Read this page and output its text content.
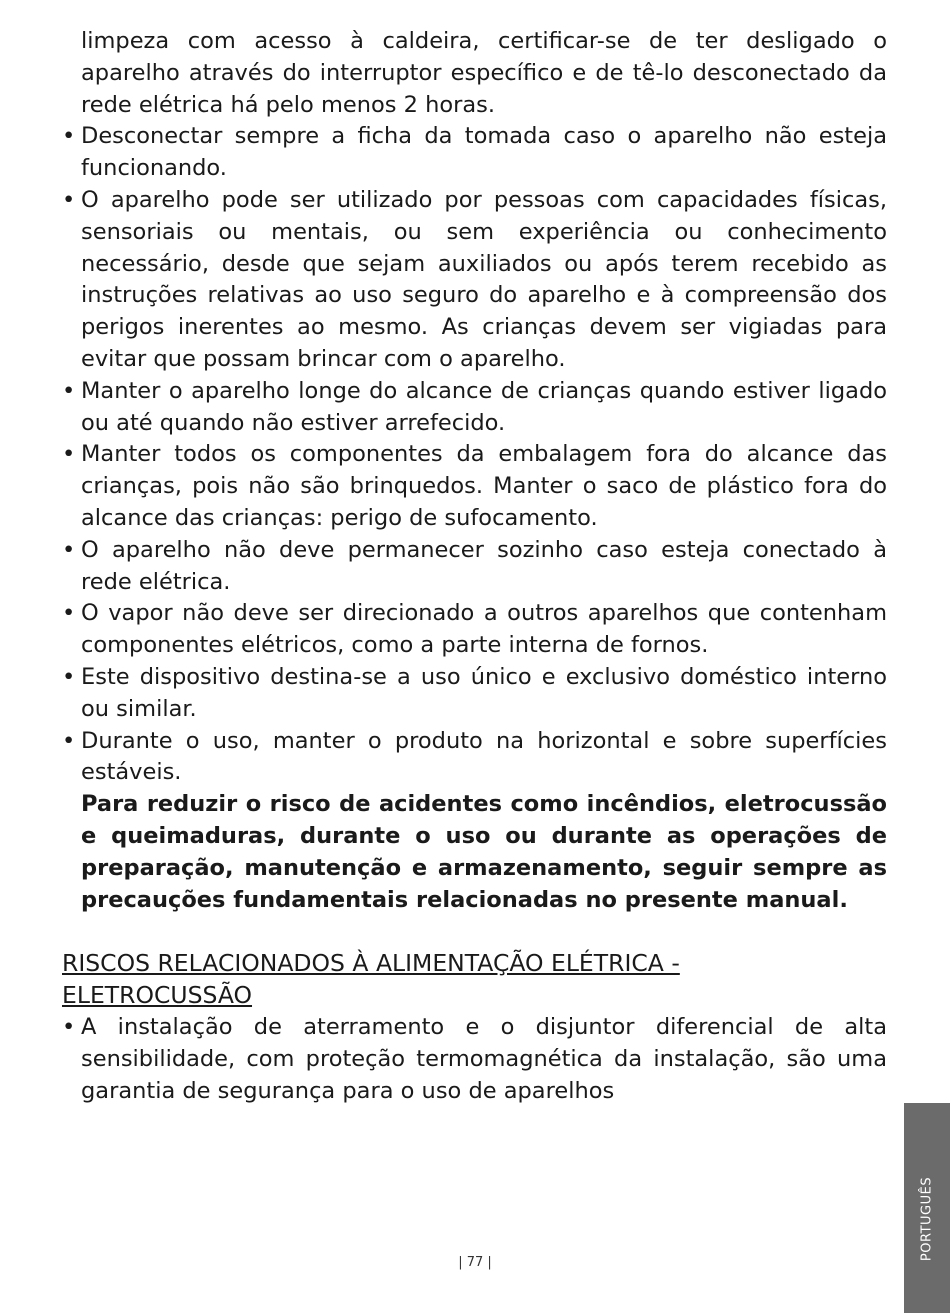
limpeza com acesso à caldeira, certificar-se de ter desligado o aparelho através do interruptor específico e de tê-lo desconectado da rede elétrica há pelo menos 2 horas.
• Desconectar sempre a ficha da tomada caso o aparelho não esteja funcionando.
• O aparelho pode ser utilizado por pessoas com capacidades físicas, sensoriais ou mentais, ou sem experiência ou conhecimento necessário, desde que sejam auxiliados ou após terem recebido as instruções relativas ao uso seguro do aparelho e à compreensão dos perigos inerentes ao mesmo. As crianças devem ser vigiadas para evitar que possam brincar com o aparelho.
• Manter o aparelho longe do alcance de crianças quando estiver ligado ou até quando não estiver arrefecido.
• Manter todos os componentes da embalagem fora do alcance das crianças, pois não são brinquedos. Manter o saco de plástico fora do alcance das crianças: perigo de sufocamento.
• O aparelho não deve permanecer sozinho caso esteja conectado à rede elétrica.
• O vapor não deve ser direcionado a outros aparelhos que contenham componentes elétricos, como a parte interna de fornos.
• Este dispositivo destina-se a uso único e exclusivo doméstico interno ou similar.
• Durante o uso, manter o produto na horizontal e sobre superfícies estáveis.
Para reduzir o risco de acidentes como incêndios, eletrocussão e queimaduras, durante o uso ou durante as operações de preparação, manutenção e armazenamento, seguir sempre as precauções fundamentais relacionadas no presente manual.
RISCOS RELACIONADOS À ALIMENTAÇÃO ELÉTRICA - ELETROCUSSÃO
• A instalação de aterramento e o disjuntor diferencial de alta sensibilidade, com proteção termomagnética da instalação, são uma garantia de segurança para o uso de aparelhos
| 77 |
PORTUGUÊS
